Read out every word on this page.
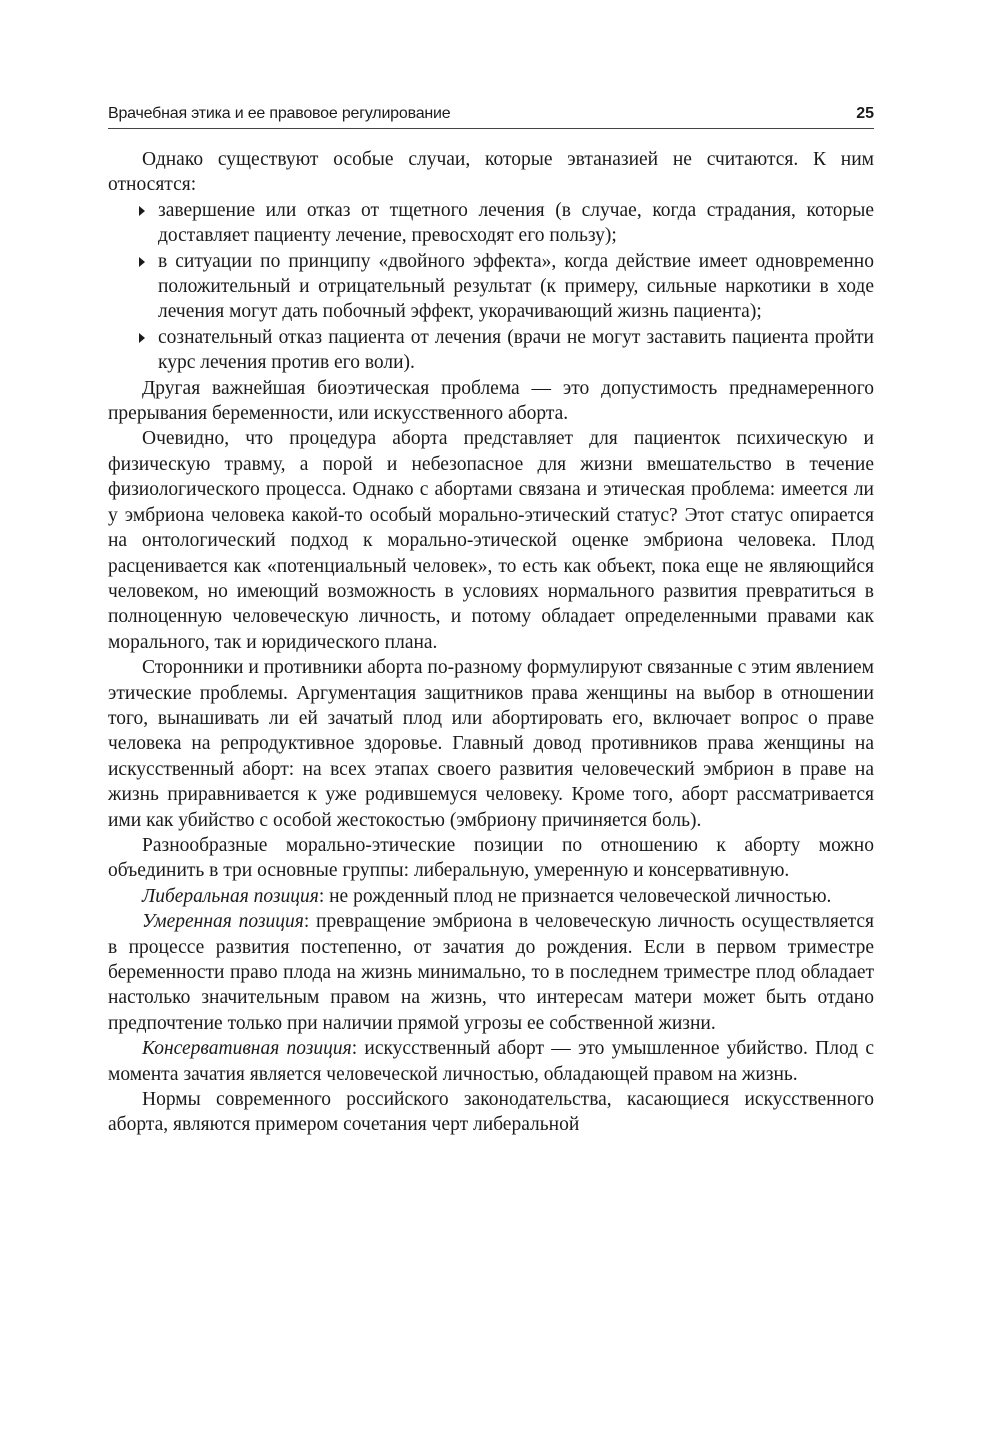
Врачебная этика и ее правовое регулирование	25

Однако существуют особые случаи, которые эвтаназией не считаются. К ним относятся:

завершение или отказ от тщетного лечения (в случае, когда страдания, которые доставляет пациенту лечение, превосходят его пользу);
в ситуации по принципу «двойного эффекта», когда действие имеет одновременно положительный и отрицательный результат (к примеру, сильные наркотики в ходе лечения могут дать побочный эффект, укорачивающий жизнь пациента);
сознательный отказ пациента от лечения (врачи не могут заставить пациента пройти курс лечения против его воли).

Другая важнейшая биоэтическая проблема — это допустимость преднамеренного прерывания беременности, или искусственного аборта.

Очевидно, что процедура аборта представляет для пациенток психическую и физическую травму, а порой и небезопасное для жизни вмешательство в течение физиологического процесса. Однако с абортами связана и этическая проблема: имеется ли у эмбриона человека какой-то особый морально-этический статус? Этот статус опирается на онтологический подход к морально-этической оценке эмбриона человека. Плод расценивается как «потенциальный человек», то есть как объект, пока еще не являющийся человеком, но имеющий возможность в условиях нормального развития превратиться в полноценную человеческую личность, и потому обладает определенными правами как морального, так и юридического плана.

Сторонники и противники аборта по-разному формулируют связанные с этим явлением этические проблемы. Аргументация защитников права женщины на выбор в отношении того, вынашивать ли ей зачатый плод или абортировать его, включает вопрос о праве человека на репродуктивное здоровье. Главный довод противников права женщины на искусственный аборт: на всех этапах своего развития человеческий эмбрион в праве на жизнь приравнивается к уже родившемуся человеку. Кроме того, аборт рассматривается ими как убийство с особой жестокостью (эмбриону причиняется боль).

Разнообразные морально-этические позиции по отношению к аборту можно объединить в три основные группы: либеральную, умеренную и консервативную.

Либеральная позиция: не рожденный плод не признается человеческой личностью.

Умеренная позиция: превращение эмбриона в человеческую личность осуществляется в процессе развития постепенно, от зачатия до рождения. Если в первом триместре беременности право плода на жизнь минимально, то в последнем триместре плод обладает настолько значительным правом на жизнь, что интересам матери может быть отдано предпочтение только при наличии прямой угрозы ее собственной жизни.

Консервативная позиция: искусственный аборт — это умышленное убийство. Плод с момента зачатия является человеческой личностью, обладающей правом на жизнь.

Нормы современного российского законодательства, касающиеся искусственного аборта, являются примером сочетания черт либеральной
